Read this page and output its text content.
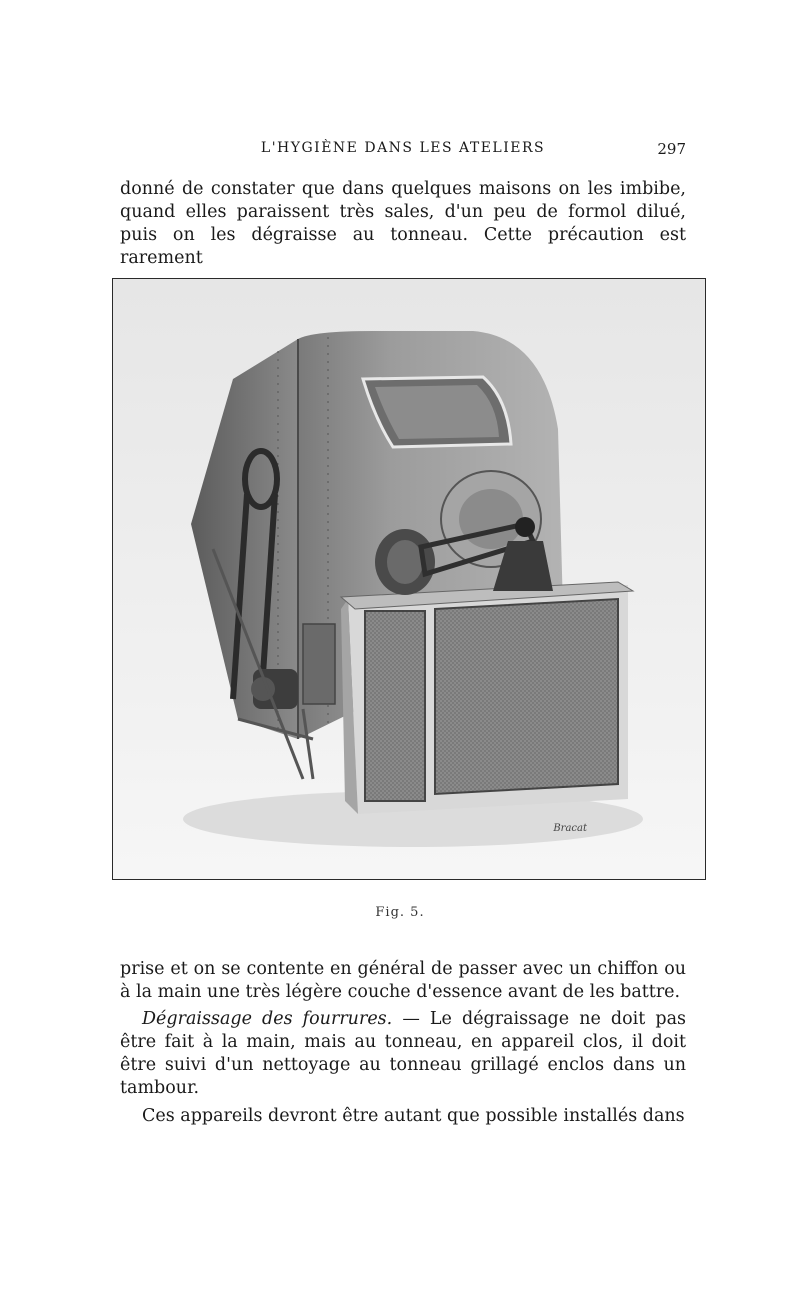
L'HYGIÈNE DANS LES ATELIERS	297

donné de constater que dans quelques maisons on les imbibe, quand elles paraissent très sales, d'un peu de formol dilué, puis on les dégraisse au tonneau. Cette précaution est rarement

Bracat
Fig. 5.

prise et on se contente en général de passer avec un chiffon ou à la main une très légère couche d'essence avant de les battre.

Dégraissage des fourrures. — Le dégraissage ne doit pas être fait à la main, mais au tonneau, en appareil clos, il doit être suivi d'un nettoyage au tonneau grillagé enclos dans un tambour.

Ces appareils devront être autant que possible installés dans
